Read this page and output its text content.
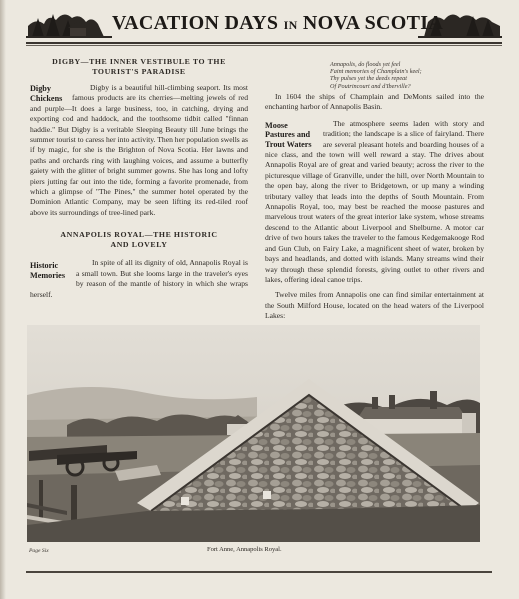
VACATION DAYS IN NOVA SCOTIA
DIGBY—THE INNER VESTIBULE TO THE
TOURIST'S PARADISE
Digby Chickens

Digby is a beautiful hill-climbing seaport. Its most famous products are its cherries—melting jewels of red and purple—It does a large business, too, in catching, drying and exporting cod and haddock, and the toothsome tidbit called "finnan haddie." But Digby is a veritable Sleeping Beauty till June brings the summer tourist to caress her into activity. Then her population swells as if by magic, for she is the Brighton of Nova Scotia. Her lawns and paths and orchards ring with laughing voices, and assume a butterfly gaiety with the glitter of bright summer gowns. She has long and lofty piers jutting far out into the tide, forming a favorite promenade, from which a glimpse of "The Pines," the summer hotel operated by the Dominion Atlantic Company, may be seen lifting its red-tiled roof above its surroundings of tree-lined park.

ANNAPOLIS ROYAL—THE HISTORIC
AND LOVELY
Historic Memories

In spite of all its dignity of old, Annapolis Royal is a small town. But she looms large in the traveler's eyes by reason of the mantle of history in which she wraps herself.

Annapolis, do floods yet feel
Faint memories of Champlain's keel;
Thy pulses yet the deeds repeat
Of Poutrincourt and d'Iberville?

In 1604 the ships of Champlain and DeMonts sailed into the enchanting harbor of Annapolis Basin.

Moose Pastures and Trout Waters

The atmosphere seems laden with story and tradition; the landscape is a slice of fairyland. There are several pleasant hotels and boarding houses of a nice class, and the town will well reward a stay. The drives about Annapolis Royal are of great and varied beauty; across the river to the picturesque village of Granville, under the hill, over North Mountain to the open bay, along the river to Bridgetown, or up many a winding tributary valley that leads into the depths of South Mountain. From Annapolis Royal, too, may best be reached the moose pastures and marvelous trout waters of the great interior lake system, whose streams descend to the Atlantic about Liverpool and Shelburne. A motor car drive of two hours takes the traveler to the famous Kedgemakooge Rod and Gun Club, on Fairy Lake, a magnificent sheet of water, broken by bays and headlands, and dotted with islands. Many streams wind their way through these splendid forests, giving outlet to other rivers and lakes, offering ideal canoe trips.

Twelve miles from Annapolis one can find similar entertainment at the South Milford House, located on the head waters of the Liverpool Lakes:

Fort Anne, Annapolis Royal.
Page Six
